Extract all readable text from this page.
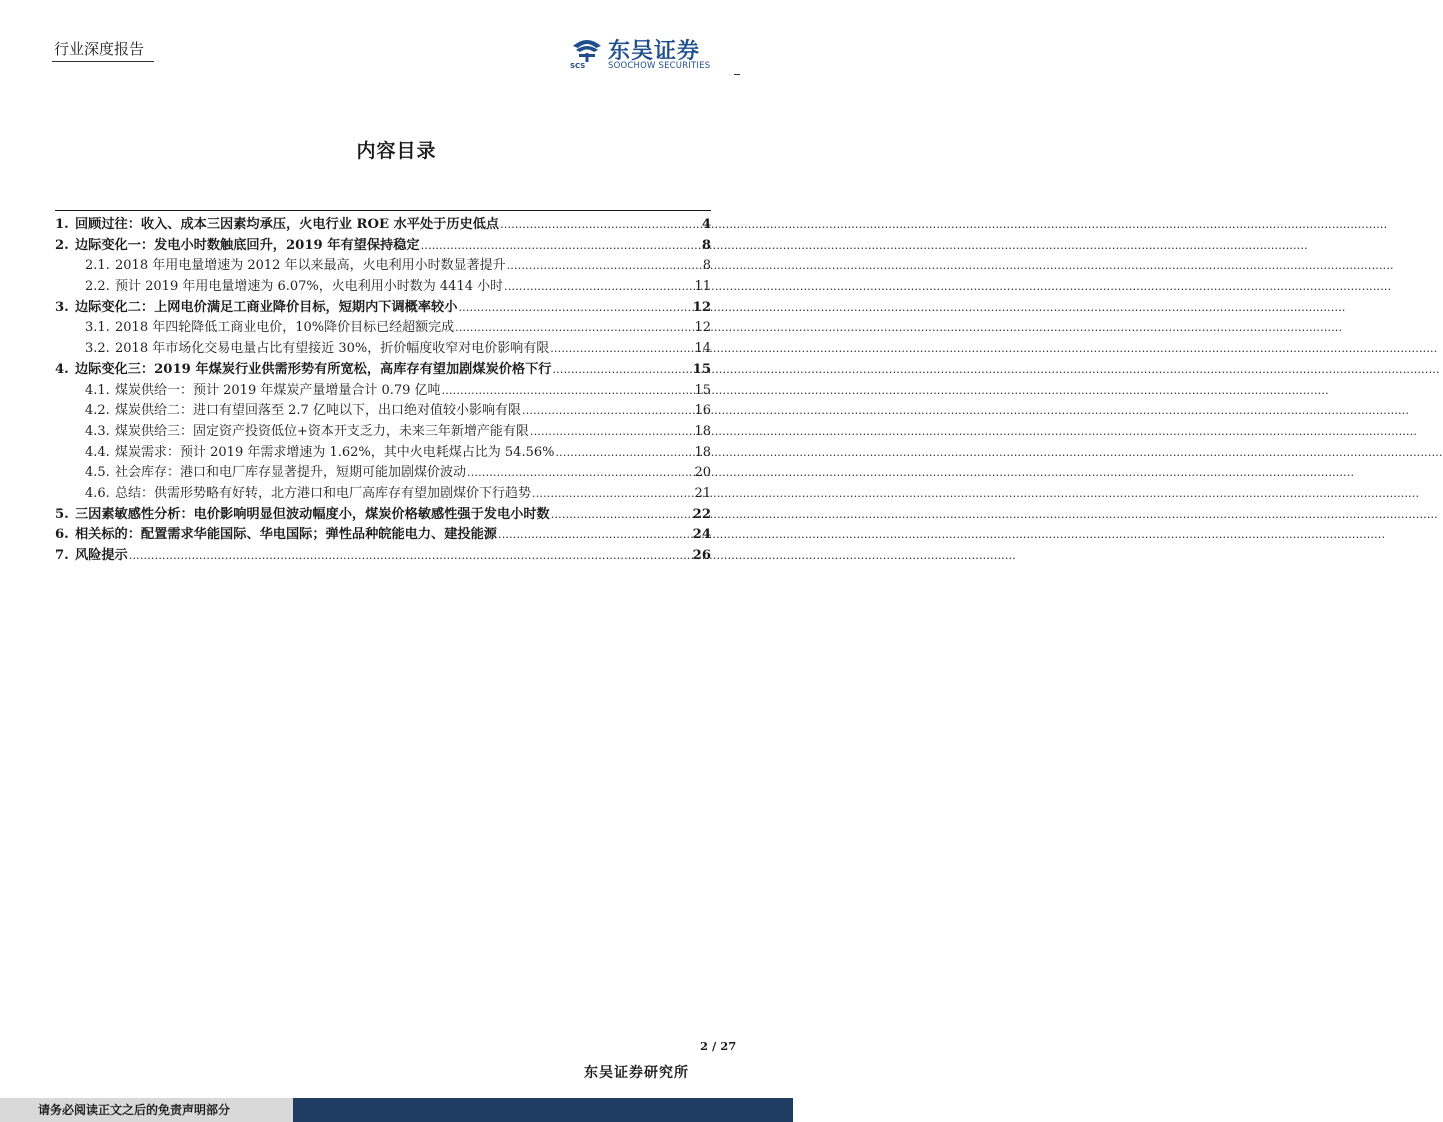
行业深度报告
SCS
东吴证券
SOOCHOW SECURITIES
内容目录
1. 回顾过往：收入、成本三因素均承压，火电行业 ROE 水平处于历史低点 .....	4
2. 边际变化一：发电小时数触底回升，2019 年有望保持稳定 .....	8
2.1. 2018 年用电量增速为 2012 年以来最高，火电利用小时数显著提升 .....	8
2.2. 预计 2019 年用电量增速为 6.07%，火电利用小时数为 4414 小时 .....	11
3. 边际变化二：上网电价满足工商业降价目标，短期内下调概率较小 .....	12
3.1. 2018 年四轮降低工商业电价，10%降价目标已经超额完成 .....	12
3.2. 2018 年市场化交易电量占比有望接近 30%，折价幅度收窄对电价影响有限 .....	14
4. 边际变化三：2019 年煤炭行业供需形势有所宽松，高库存有望加剧煤炭价格下行 .....	15
4.1. 煤炭供给一：预计 2019 年煤炭产量增量合计 0.79 亿吨 .....	15
4.2. 煤炭供给二：进口有望回落至 2.7 亿吨以下，出口绝对值较小影响有限 .....	16
4.3. 煤炭供给三：固定资产投资低位+资本开支乏力，未来三年新增产能有限 .....	18
4.4. 煤炭需求：预计 2019 年需求增速为 1.62%，其中火电耗煤占比为 54.56% .....	18
4.5. 社会库存：港口和电厂库存显著提升，短期可能加剧煤价波动 .....	20
4.6. 总结：供需形势略有好转，北方港口和电厂高库存有望加剧煤价下行趋势 .....	21
5. 三因素敏感性分析：电价影响明显但波动幅度小，煤炭价格敏感性强于发电小时数 .....	22
6. 相关标的：配置需求华能国际、华电国际；弹性品种皖能电力、建投能源 .....	24
7. 风险提示 .....	26
2 / 27
东吴证券研究所
请务必阅读正文之后的免责声明部分
